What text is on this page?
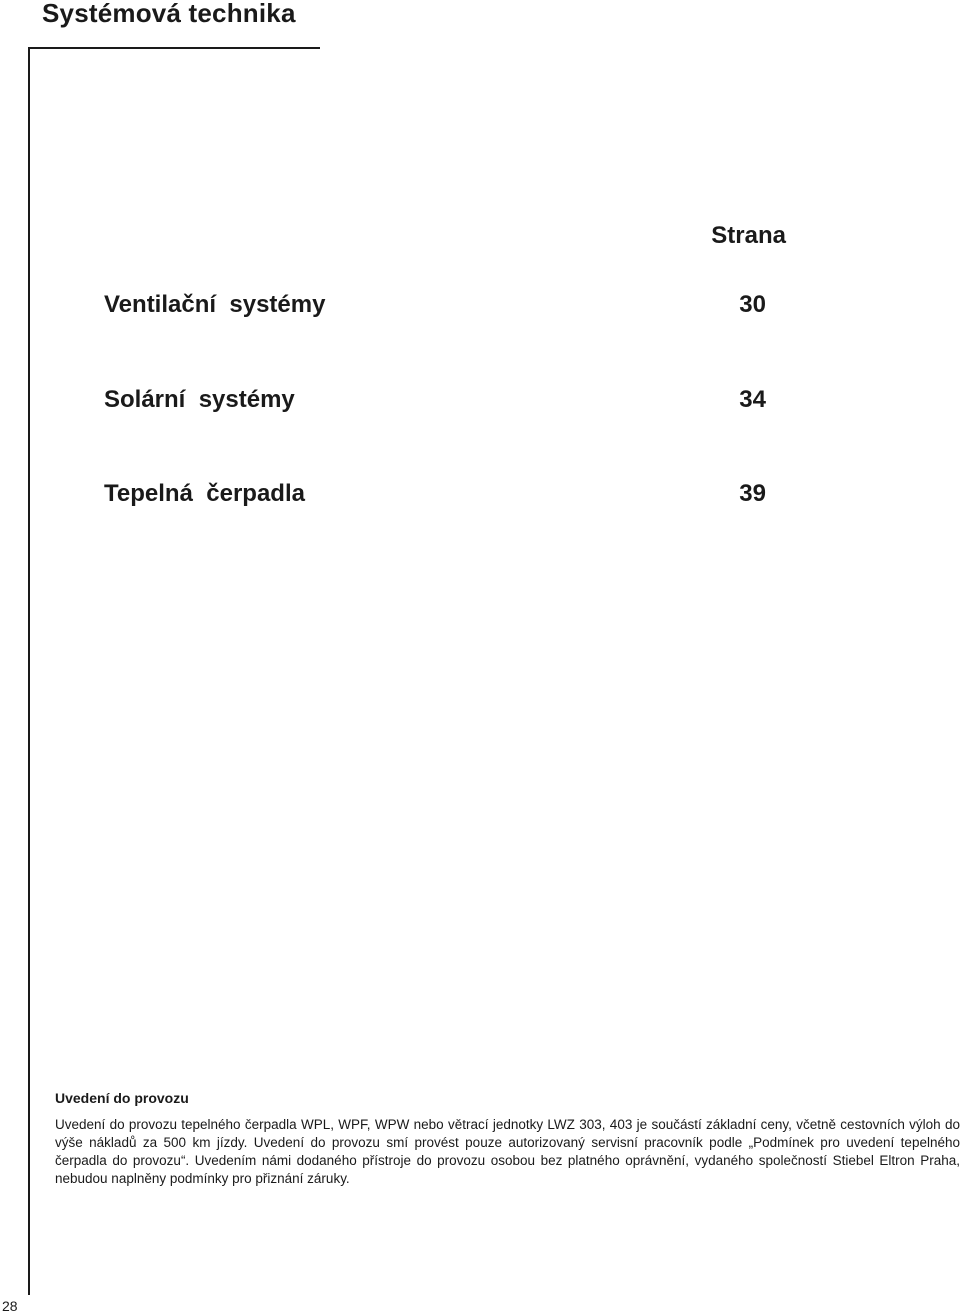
Systémová technika
Strana
Ventilační  systémy	30
Solární  systémy	34
Tepelná  čerpadla	39
Uvedení do provozu

Uvedení do provozu tepelného čerpadla WPL, WPF, WPW nebo větrací jednotky LWZ 303, 403 je součástí základní ceny, včetně cestovních výloh do výše nákladů za 500 km jízdy. Uvedení do provozu smí provést pouze autorizovaný servisní pracovník podle „Podmínek pro uvedení tepelného čerpadla do provozu“. Uvedením námi dodaného přístroje do provozu osobou bez platného oprávnění, vydaného společností Stiebel Eltron Praha, nebudou naplněny podmínky pro přiznání záruky.

28
